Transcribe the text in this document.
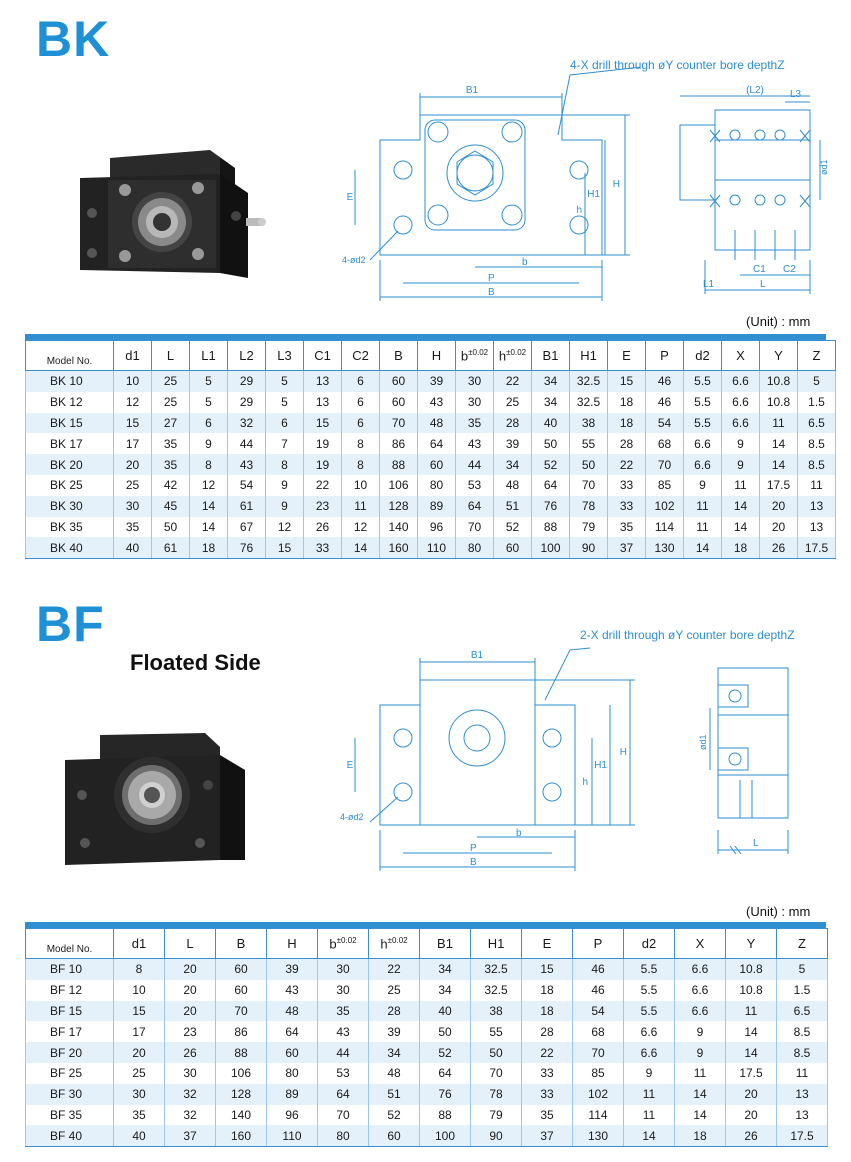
BK
B1
E
h
H1
H
b
P
B
4-ød2
4-X drill through øY counter bore depthZ
(L2)	L3
ød1
C1 C2
L1	L
(Unit) : mm
Model No.	d1	L	L1	L2	L3	C1	C2	B	H	$b^{\pm 0.02}$	$h^{\pm 0.02}$	B1	H1	E	P	d2	X	Y	Z
BK 10	10	25	5	29	5	13	6	60	39	30	22	34	32.5	15	46	5.5	6.6	10.8	5
BK 12	12	25	5	29	5	13	6	60	43	30	25	34	32.5	18	46	5.5	6.6	10.8	1.5
BK 15	15	27	6	32	6	15	6	70	48	35	28	40	38	18	54	5.5	6.6	11	6.5
BK 17	17	35	9	44	7	19	8	86	64	43	39	50	55	28	68	6.6	9	14	8.5
BK 20	20	35	8	43	8	19	8	88	60	44	34	52	50	22	70	6.6	9	14	8.5
BK 25	25	42	12	54	9	22	10	106	80	53	48	64	70	33	85	9	11	17.5	11
BK 30	30	45	14	61	9	23	11	128	89	64	51	76	78	33	102	11	14	20	13
BK 35	35	50	14	67	12	26	12	140	96	70	52	88	79	35	114	11	14	20	13
BK 40	40	61	18	76	15	33	14	160	110	80	60	100	90	37	130	14	18	26	17.5
BF
Floated Side	B1
E
h
H1
H
b
P
B
4-ød2
2-X drill through øY counter bore depthZ
ød1
L
(Unit) : mm
Model No.	d1	L	B	H	$b^{\pm 0.02}$	$h^{\pm 0.02}$	B1	H1	E	P	d2	X	Y	Z
BF 10	8	20	60	39	30	22	34	32.5	15	46	5.5	6.6	10.8	5
BF 12	10	20	60	43	30	25	34	32.5	18	46	5.5	6.6	10.8	1.5
BF 15	15	20	70	48	35	28	40	38	18	54	5.5	6.6	11	6.5
BF 17	17	23	86	64	43	39	50	55	28	68	6.6	9	14	8.5
BF 20	20	26	88	60	44	34	52	50	22	70	6.6	9	14	8.5
BF 25	25	30	106	80	53	48	64	70	33	85	9	11	17.5	11
BF 30	30	32	128	89	64	51	76	78	33	102	11	14	20	13
BF 35	35	32	140	96	70	52	88	79	35	114	11	14	20	13
BF 40	40	37	160	110	80	60	100	90	37	130	14	18	26	17.5
